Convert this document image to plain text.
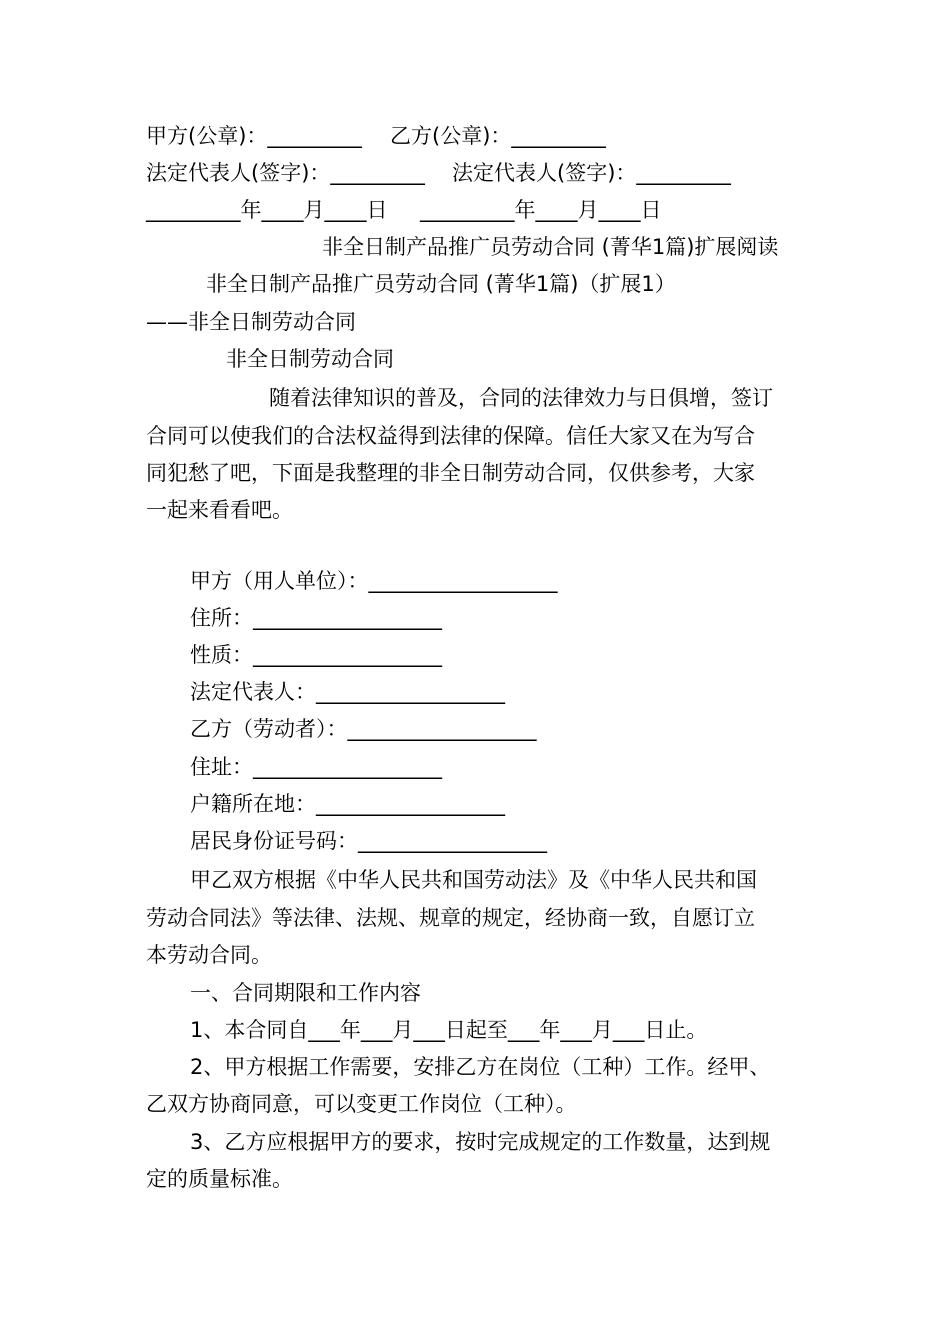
甲方(公章)：_________ 乙方(公章)：_________
法定代表人(签字)：_________ 法定代表人(签字)：_________
_________年____月____日 _________年____月____日
非全日制产品推广员劳动合同 (菁华1篇)扩展阅读
非全日制产品推广员劳动合同 (菁华1篇)（扩展1）
——非全日制劳动合同
非全日制劳动合同
随着法律知识的普及，合同的法律效力与日俱增，签订
合同可以使我们的合法权益得到法律的保障。信任大家又在为写合
同犯愁了吧，下面是我整理的非全日制劳动合同，仅供参考，大家
一起来看看吧。
甲方（用人单位）：__________________
住所：__________________
性质：__________________
法定代表人：__________________
乙方（劳动者）：__________________
住址：__________________
户籍所在地：__________________
居民身份证号码：__________________
甲乙双方根据《中华人民共和国劳动法》及《中华人民共和国
劳动合同法》等法律、法规、规章的规定，经协商一致，自愿订立
本劳动合同。
一、合同期限和工作内容
1、本合同自___年___月___日起至___年___月___日止。
2、甲方根据工作需要，安排乙方在岗位（工种）工作。经甲、
乙双方协商同意，可以变更工作岗位（工种）。
3、乙方应根据甲方的要求，按时完成规定的工作数量，达到规
定的质量标准。
